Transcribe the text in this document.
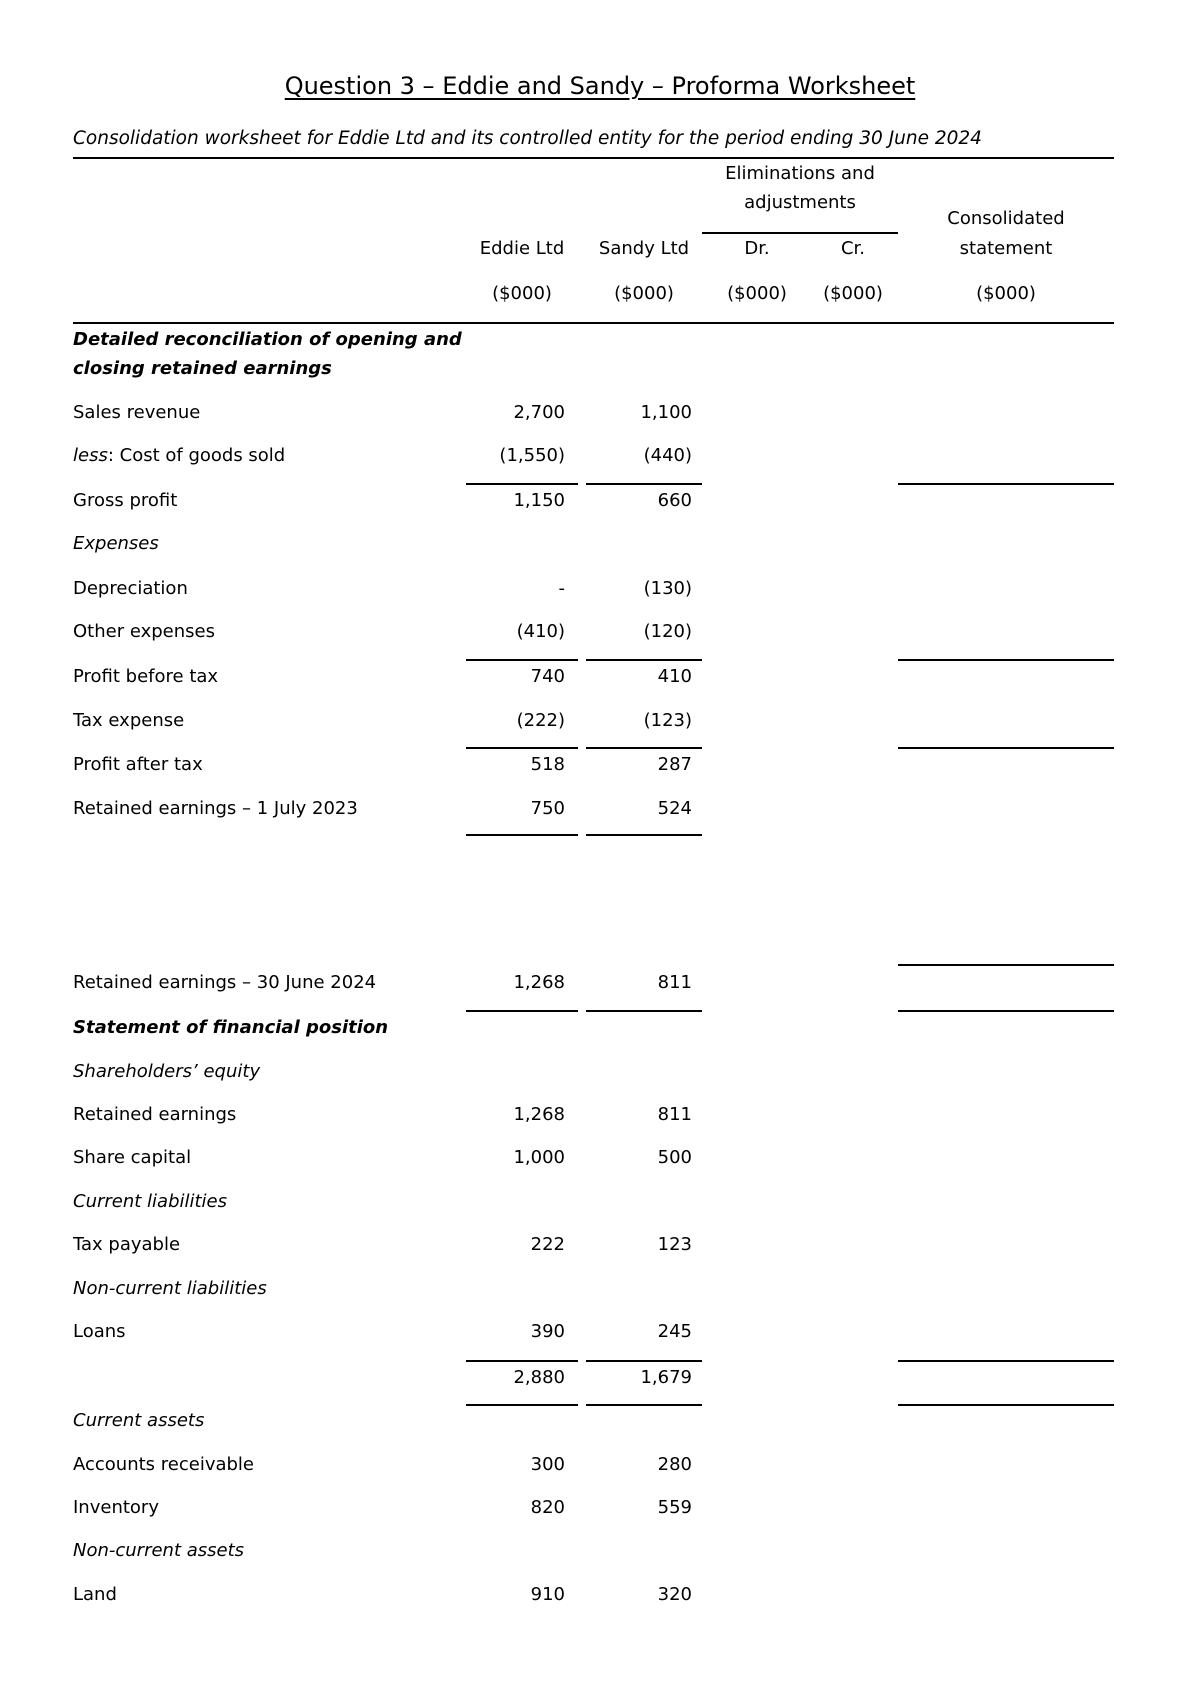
Question 3 – Eddie and Sandy – Proforma Worksheet
Consolidation worksheet for Eddie Ltd and its controlled entity for the period ending 30 June 2024
Eliminations and
adjustments
Consolidated
statement
Eddie Ltd	Sandy Ltd	Dr.	Cr.
($000)	($000)	($000)	($000)	($000)
Detailed reconciliation of opening and
closing retained earnings
Sales revenue	2,700	1,100
less: Cost of goods sold	(1,550)	(440)
Gross profit	1,150	660
Expenses
Depreciation	-	(130)
Other expenses	(410)	(120)
Profit before tax	740	410
Tax expense	(222)	(123)
Profit after tax	518	287
Retained earnings – 1 July 2023	750	524
Retained earnings – 30 June 2024	1,268	811
Statement of financial position
Shareholders’ equity
Retained earnings	1,268	811
Share capital	1,000	500
Current liabilities
Tax payable	222	123
Non-current liabilities
Loans	390	245
2,880	1,679
Current assets
Accounts receivable	300	280
Inventory	820	559
Non-current assets
Land	910	320
